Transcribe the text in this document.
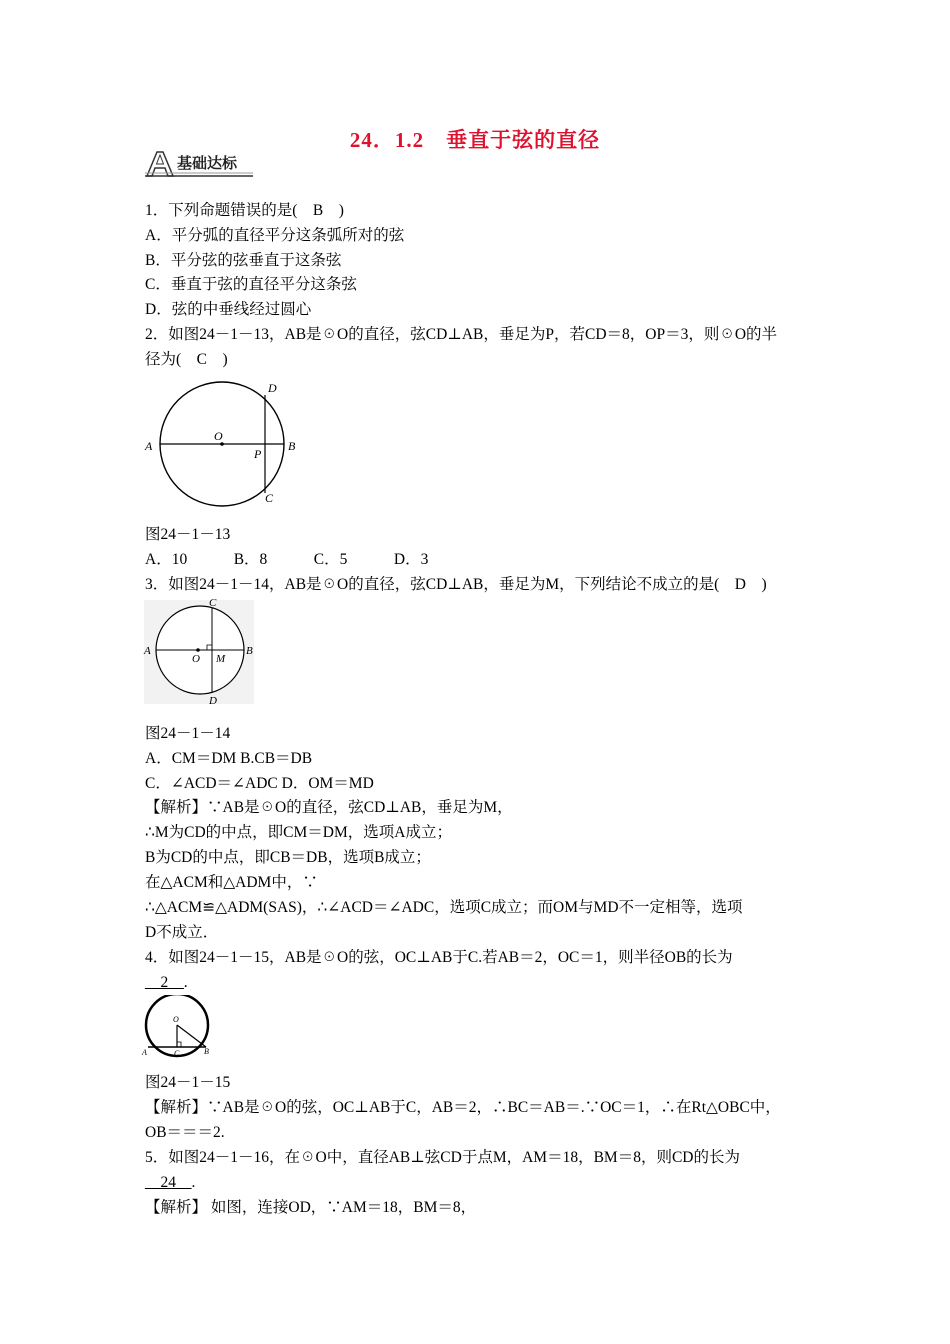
24．1.2　垂直于弦的直径
基础达标
1．下列命题错误的是(　B　)
A．平分弧的直径平分这条弧所对的弦
B．平分弦的弦垂直于这条弦
C．垂直于弦的直径平分这条弦
D．弦的中垂线经过圆心
2．如图24－1－13，AB是☉O的直径，弦CD⊥AB，垂足为P，若CD＝8，OP＝3，则☉O的半
径为(　C　)
A	B
D
C
O
P
图24－1－13
A．10　　　B．8　　　C．5　　　D．3
3．如图24－1－14，AB是☉O的直径，弦CD⊥AB，垂足为M，下列结论不成立的是(　D　)
A	B
C
D
O M
图24－1－14
A．CM＝DM B.CB＝DB
C．∠ACD＝∠ADC D．OM＝MD
【解析】∵AB是☉O的直径，弦CD⊥AB，垂足为M，
∴M为CD的中点，即CM＝DM，选项A成立；
B为CD的中点，即CB＝DB，选项B成立；
在△ACM和△ADM中，∵
∴△ACM≌△ADM(SAS)，∴∠ACD＝∠ADC，选项C成立；而OM与MD不一定相等，选项
D不成立．
4．如图24－1－15，AB是☉O的弦，OC⊥AB于C.若AB＝2，OC＝1，则半径OB的长为
__2__.
O
A	C	B
图24－1－15
【解析】∵AB是☉O的弦，OC⊥AB于C，AB＝2，∴BC＝AB＝.∵OC＝1，∴在Rt△OBC中，
OB＝＝＝2.
5．如图24－1－16，在☉O中，直径AB⊥弦CD于点M，AM＝18，BM＝8，则CD的长为
__24__.
【解析】 如图，连接OD，∵AM＝18，BM＝8，
